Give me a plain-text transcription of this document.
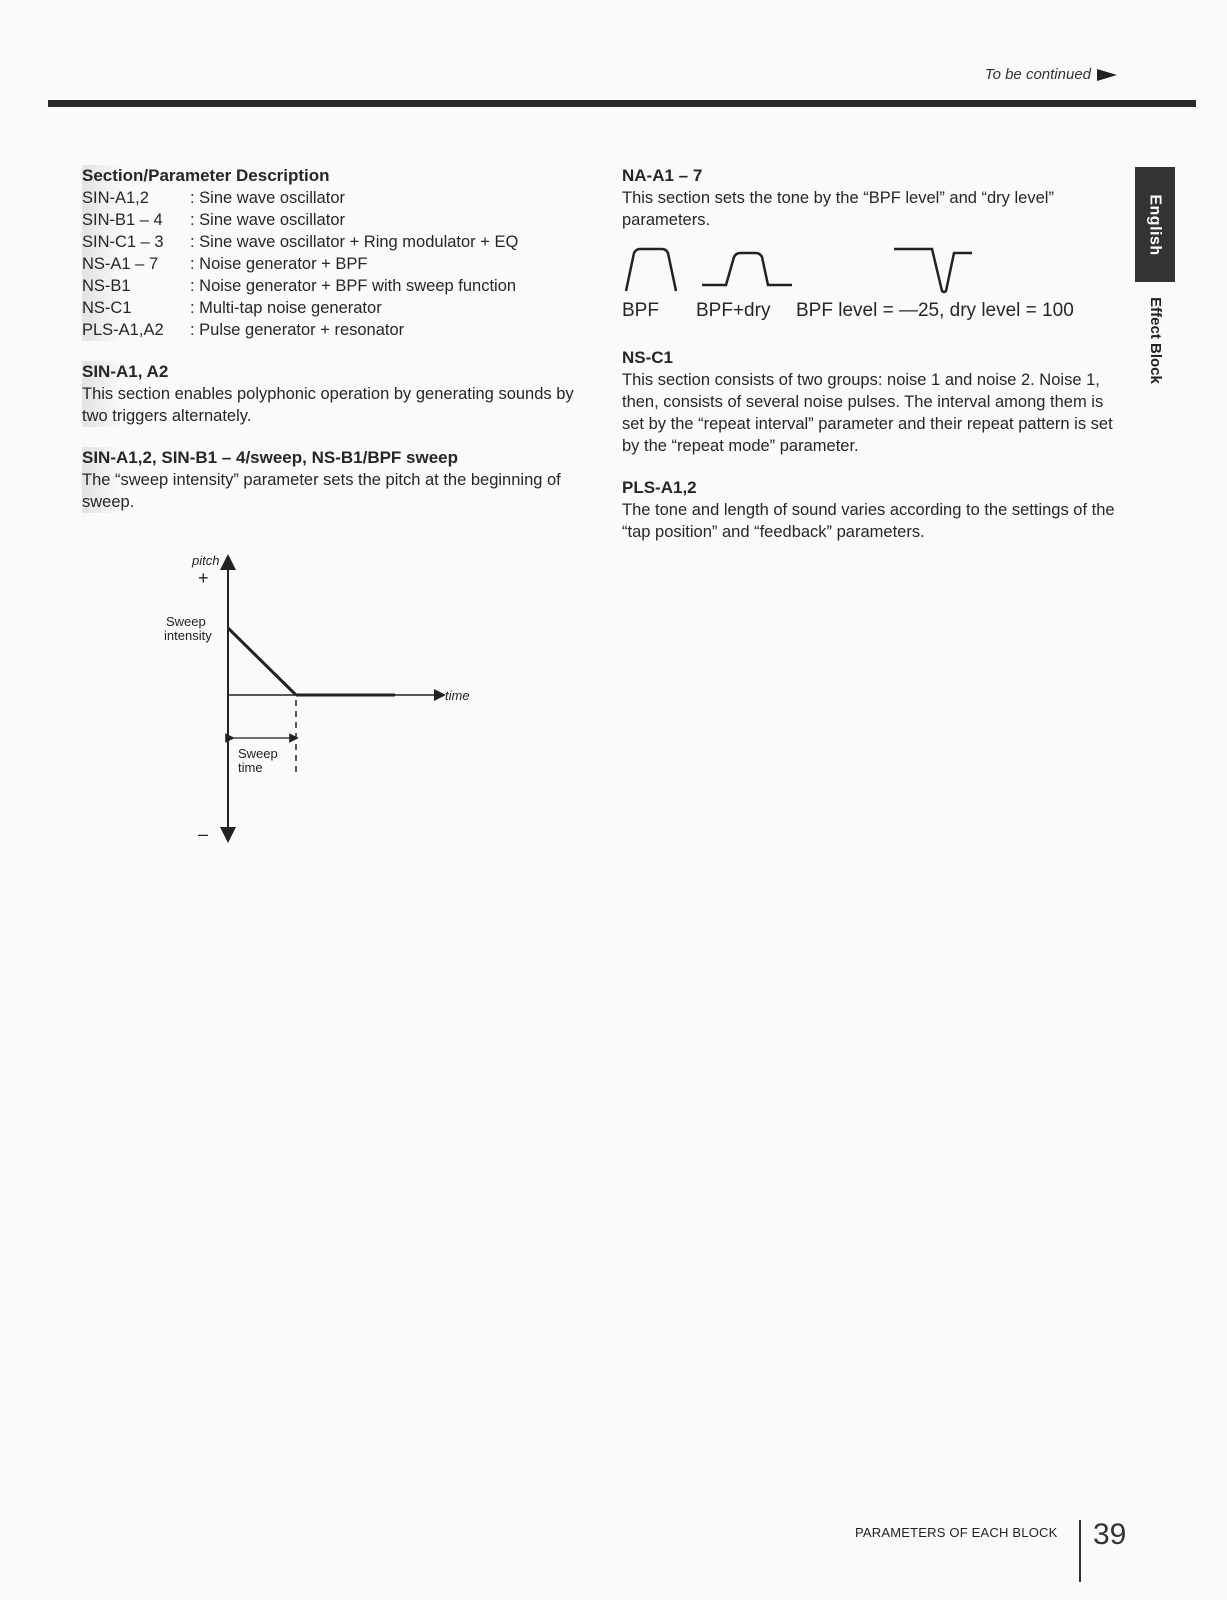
To be continued
English
Effect Block

Section/Parameter Description

SIN-A1,2	: Sine wave oscillator
SIN-B1 – 4	: Sine wave oscillator
SIN-C1 – 3	: Sine wave oscillator + Ring modulator + EQ
NS-A1 – 7	: Noise generator + BPF
NS-B1	: Noise generator + BPF with sweep function
NS-C1	: Multi-tap noise generator
PLS-A1,A2	: Pulse generator + resonator

SIN-A1, A2

This section enables polyphonic operation by generating sounds by two triggers alternately.

SIN-A1,2, SIN-B1 – 4/sweep, NS-B1/BPF sweep

The “sweep intensity” parameter sets the pitch at the beginning of sweep.

pitch
+
–
time
Sweep
intensity
Sweep
time

NA-A1 – 7

This section sets the tone by the “BPF level” and “dry level” parameters.

BPF	BPF+dry	BPF level = —25, dry level = 100

NS-C1

This section consists of two groups: noise 1 and noise 2. Noise 1, then, consists of several noise pulses. The interval among them is set by the “repeat interval” parameter and their repeat pattern is set by the “repeat mode” parameter.

PLS-A1,2

The tone and length of sound varies according to the settings of the “tap position” and “feedback” parameters.

PARAMETERS OF EACH BLOCK 39
